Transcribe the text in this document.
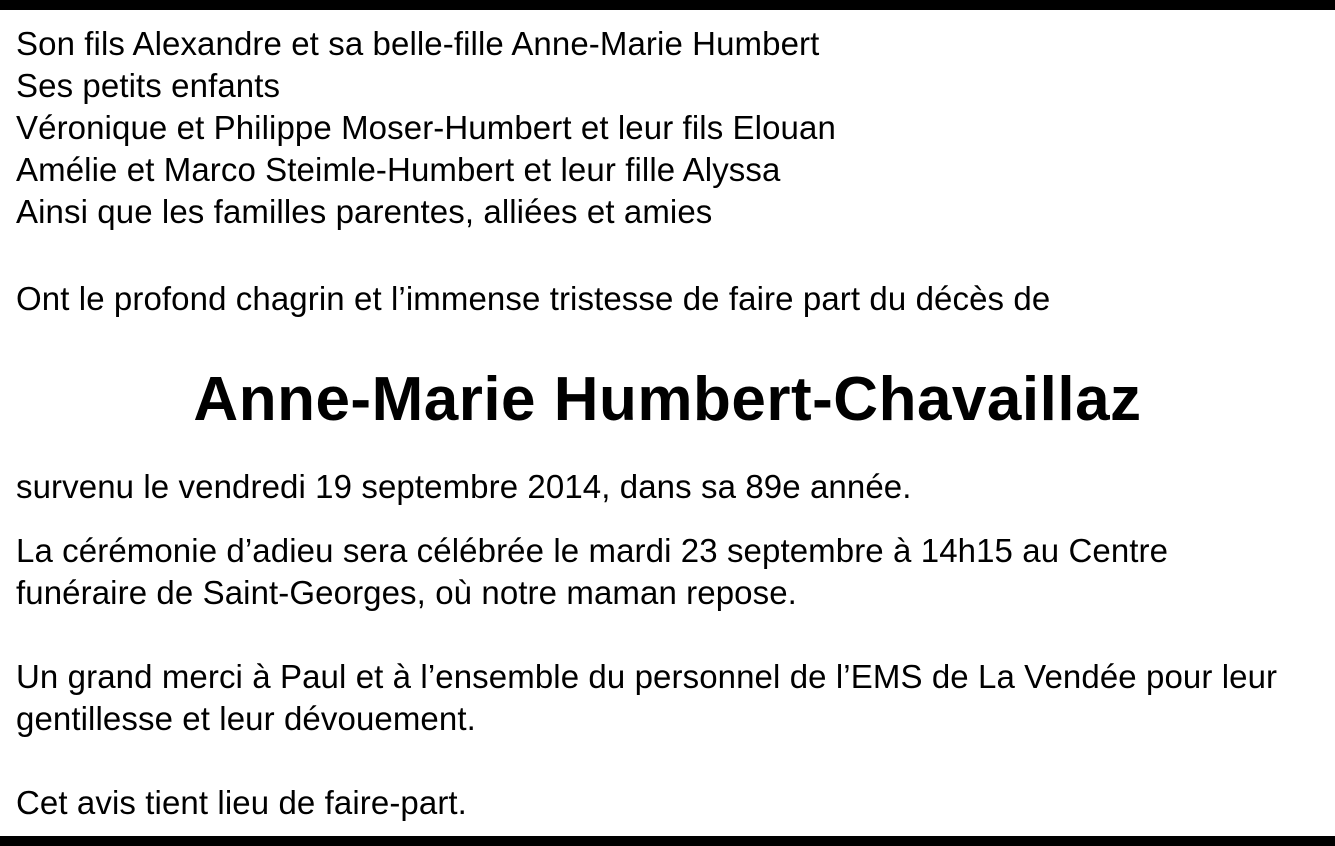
Son fils Alexandre et sa belle-fille Anne-Marie Humbert
Ses petits enfants
Véronique et Philippe Moser-Humbert et leur fils Elouan
Amélie et Marco Steimle-Humbert et leur fille Alyssa
Ainsi que les familles parentes, alliées et amies
Ont le profond chagrin et l’immense tristesse de faire part du décès de
Anne-Marie Humbert-Chavaillaz
survenu le vendredi 19 septembre 2014, dans sa 89e année.
La cérémonie d’adieu sera célébrée le mardi 23 septembre à 14h15 au Centre
funéraire de Saint-Georges, où notre maman repose.
Un grand merci à Paul et à l’ensemble du personnel de l’EMS de La Vendée pour leur
gentillesse et leur dévouement.
Cet avis tient lieu de faire-part.
